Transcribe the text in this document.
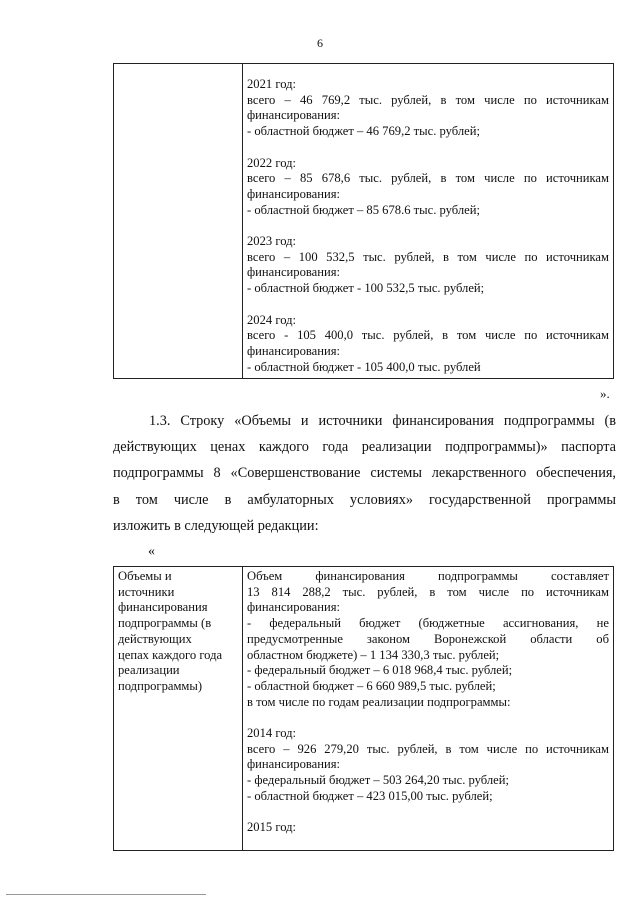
6

2021 год:
всего – 46 769,2 тыс. рублей, в том числе по источникам
финансирования:
- областной бюджет – 46 769,2 тыс. рублей;
2022 год:
всего – 85 678,6 тыс. рублей, в том числе по источникам
финансирования:
- областной бюджет – 85 678.6 тыс. рублей;
2023 год:
всего – 100 532,5 тыс. рублей, в том числе по источникам
финансирования:
- областной бюджет - 100 532,5 тыс. рублей;
2024 год:
всего - 105 400,0 тыс. рублей, в том числе по источникам
финансирования:
- областной бюджет - 105 400,0 тыс. рублей
».
1.3. Строку «Объемы и источники финансирования подпрограммы (в
действующих ценах каждого года реализации подпрограммы)» паспорта
подпрограммы 8 «Совершенствование системы лекарственного обеспечения,
в том числе в амбулаторных условиях» государственной программы
изложить в следующей редакции:
«
Объемы и
источники
финансирования
подпрограммы (в
действующих
цепах каждого года
реализации
подпрограммы)

Объем финансирования подпрограммы составляет
13 814 288,2 тыс. рублей, в том числе по источникам
финансирования:
- федеральный бюджет (бюджетные ассигнования, не
предусмотренные законом Воронежской области об
областном бюджете) – 1 134 330,3 тыс. рублей;
- федеральный бюджет – 6 018 968,4 тыс. рублей;
- областной бюджет – 6 660 989,5 тыс. рублей;
в том числе по годам реализации подпрограммы:
2014 год:
всего – 926 279,20 тыс. рублей, в том числе по источникам
финансирования:
- федеральный бюджет – 503 264,20 тыс. рублей;
- областной бюджет – 423 015,00 тыс. рублей;
2015 год:
